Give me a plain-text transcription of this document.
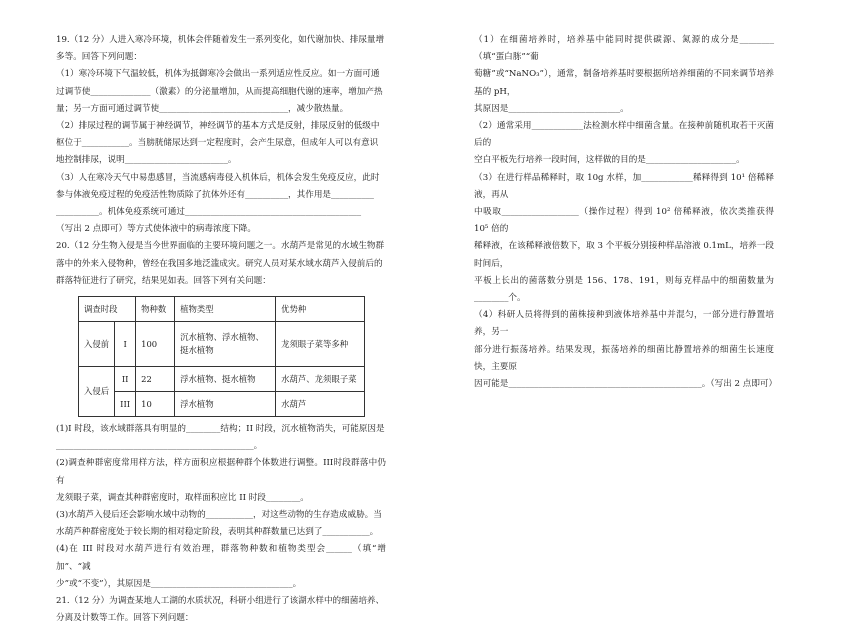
19.（12 分）人进入寒冷环境，机体会伴随着发生一系列变化，如代谢加快、排尿量增

多等。回答下列问题：

（1）寒冷环境下气温较低，机体为抵御寒冷会做出一系列适应性反应。如一方面可通

过调节使______________（激素）的分泌量增加，从而提高细胞代谢的速率，增加产热

量；另一方面可通过调节使______________________________，减少散热量。

（2）排尿过程的调节属于神经调节，神经调节的基本方式是反射，排尿反射的低级中

枢位于___________。当膀胱储尿达到一定程度时，会产生尿意，但成年人可以有意识

地控制排尿，说明________________________。

（3）人在寒冷天气中易患感冒，当流感病毒侵入机体后，机体会发生免疫反应，此时

参与体液免疫过程的免疫活性物质除了抗体外还有__________，其作用是__________

__________。机体免疫系统可通过_________________________________________

（写出 2 点即可）等方式使体液中的病毒浓度下降。

20.（12 分生物入侵是当今世界面临的主要环境问题之一。水葫芦是常见的水域生物群

落中的外来入侵物种，曾经在我国多地泛滥成灾。研究人员对某水域水葫芦入侵前后的

群落特征进行了研究，结果见如表。回答下列有关问题：

调查时段		物种数	植物类型	优势种
入侵前	I	100	沉水植物、浮水植物、挺水植物	龙须眼子菜等多种
入侵后	II	22	浮水植物、挺水植物	水葫芦、龙须眼子菜
	III	10	浮水植物	水葫芦

(1)I 时段，该水域群落具有明显的________结构；II 时段，沉水植物消失，可能原因是

______________________________________________。

(2)调查种群密度常用样方法，样方面积应根据种群个体数进行调整。III时段群落中仍有

龙须眼子菜，调查其种群密度时，取样面积应比 II 时段________。

(3)水葫芦入侵后还会影响水域中动物的___________，对这些动物的生存造成威胁。当

水葫芦种群密度处于较长期的相对稳定阶段，表明其种群数量已达到了___________。

(4)在 III 时段对水葫芦进行有效治理，群落物种数和植物类型会______（填“增加”、“减

少”或“不变”），其原因是_________________________________。

21.（12 分）为调查某地人工湖的水质状况，科研小组进行了该湖水样中的细菌培养、

分离及计数等工作。回答下列问题：

（1）在细菌培养时，培养基中能同时提供碳源、氮源的成分是________（填“蛋白胨”“葡

萄糖”或“NaNO₃”），通常，制备培养基时要根据所培养细菌的不同来调节培养基的 pH，

其原因是__________________________。

（2）通常采用____________法检测水样中细菌含量。在接种前随机取若干灭菌后的

空白平板先行培养一段时间，这样做的目的是_____________________。

（3）在进行样品稀释时，取 10g 水样，加____________稀释得到 10¹ 倍稀释液，再从

中吸取__________________（操作过程）得到 10² 倍稀释液，依次类推获得 10⁵ 倍的

稀释液，在该稀释液倍数下，取 3 个平板分别接种样品溶液 0.1mL，培养一段时间后，

平板上长出的菌落数分别是 156、178、191，则每克样品中的细菌数量为________个。

（4）科研人员将得到的菌株接种到液体培养基中并混匀，一部分进行静置培养，另一

部分进行振荡培养。结果发现，振荡培养的细菌比静置培养的细菌生长速度快，主要原

因可能是_____________________________________________。（写出 2 点即可）
